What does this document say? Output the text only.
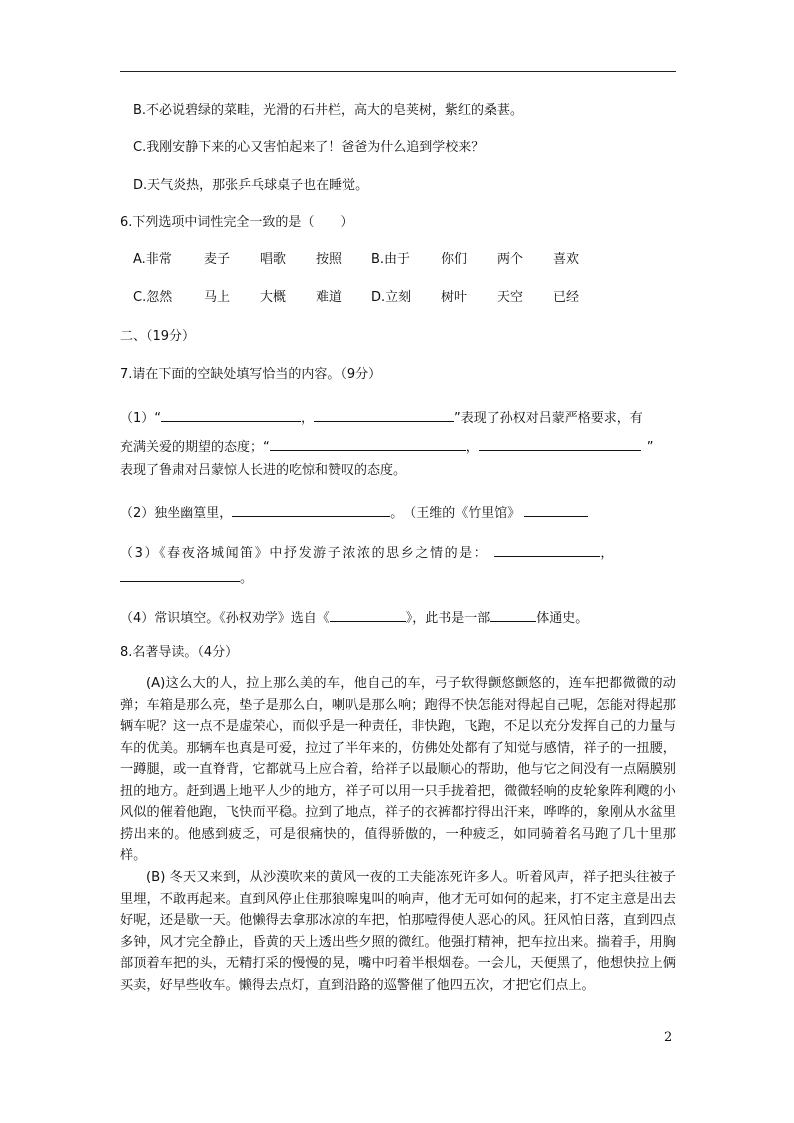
B.不必说碧绿的菜畦，光滑的石井栏，高大的皂荚树，紫红的桑葚。
C.我刚安静下来的心又害怕起来了！爸爸为什么追到学校来？
D.天气炎热，那张乒乓球桌子也在睡觉。
6.下列选项中词性完全一致的是（　　）
A.非常 麦子 唱歌 按照 B.由于 你们 两个 喜欢
C.忽然 马上 大概 难道 D.立刻 树叶 天空 已经
二、（19分）
7.请在下面的空缺处填写恰当的内容。（9分）
（1）“	，	”表现了孙权对吕蒙严格要求，有
充满关爱的期望的态度；“	，	”
表现了鲁肃对吕蒙惊人长进的吃惊和赞叹的态度。
（2）独坐幽篁里，	。　（王维的《竹里馆》
（3）《春夜洛城闻笛》中抒发游子浓浓的思乡之情的是：	，
。
（4）常识填空。《孙权劝学》选自《	》，此书是一部	体通史。
8.名著导读。（4分）
(A)这么大的人，拉上那么美的车，他自己的车，弓子软得颤悠颤悠的，连车把都微微的动弹；车箱是那么亮，垫子是那么白，喇叭是那么响；跑得不快怎能对得起自己呢，怎能对得起那辆车呢？这一点不是虚荣心，而似乎是一种责任，非快跑，飞跑，不足以充分发挥自己的力量与车的优美。那辆车也真是可爱，拉过了半年来的，仿佛处处都有了知觉与感情，祥子的一扭腰，一蹲腿，或一直脊背，它都就马上应合着，给祥子以最顺心的帮助，他与它之间没有一点隔膜别扭的地方。赶到遇上地平人少的地方，祥子可以用一只手拢着把，微微轻响的皮轮象阵利飕的小风似的催着他跑，飞快而平稳。拉到了地点，祥子的衣裤都拧得出汗来，哗哗的，象刚从水盆里捞出来的。他感到疲乏，可是很痛快的，值得骄傲的，一种疲乏，如同骑着名马跑了几十里那样。
(B) 冬天又来到，从沙漠吹来的黄风一夜的工夫能冻死许多人。听着风声，祥子把头往被子里埋，不敢再起来。直到风停止住那狼嗥鬼叫的响声，他才无可如何的起来，打不定主意是出去好呢，还是歇一天。他懒得去拿那冰凉的车把，怕那噎得使人恶心的风。狂风怕日落，直到四点多钟，风才完全静止，昏黄的天上透出些夕照的微红。他强打精神，把车拉出来。揣着手，用胸部顶着车把的头，无精打采的慢慢的晃，嘴中叼着半根烟卷。一会儿，天便黑了，他想快拉上俩买卖，好早些收车。懒得去点灯，直到沿路的巡警催了他四五次，才把它们点上。
2
